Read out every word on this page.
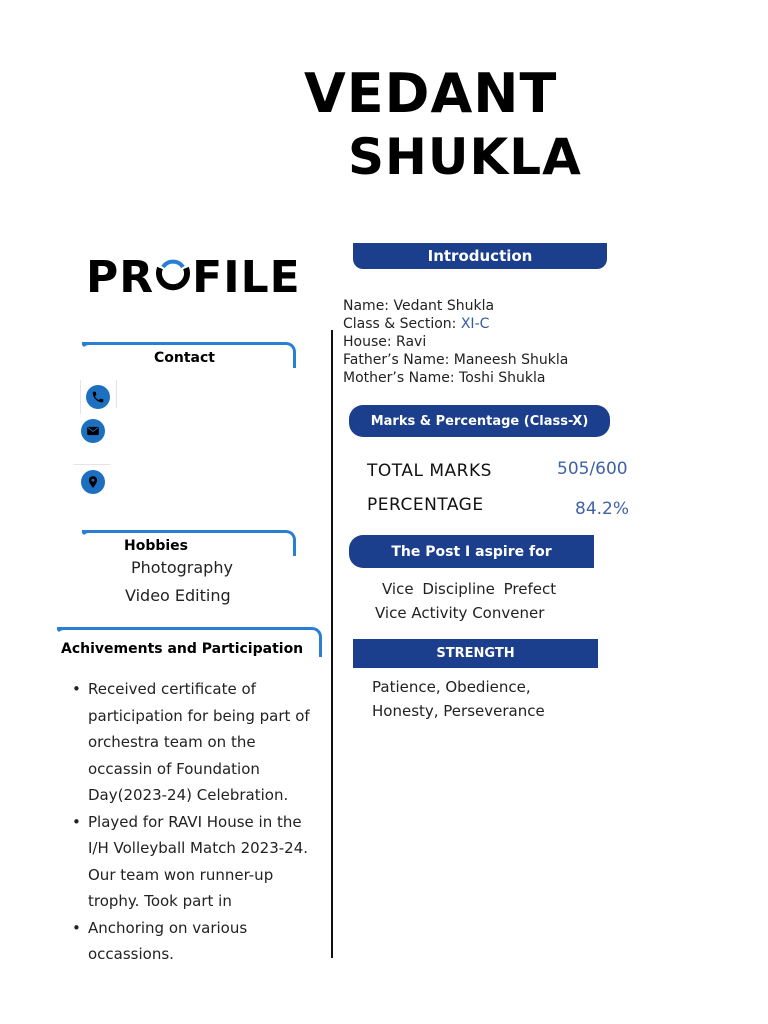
VEDANT
SHUKLA
PR FILE
Contact
Hobbies
Photography
Video Editing
Achivements and Participation
• Received certificate of participation for being part of orchestra team on the occassin of Foundation Day(2023-24) Celebration.
• Played for RAVI House in the I/H Volleyball Match 2023-24. Our team won runner-up trophy. Took part in
• Anchoring on various occassions.
Introduction
Name: Vedant Shukla
Class & Section: XI-C
House: Ravi
Father’s Name: Maneesh Shukla
Mother’s Name: Toshi Shukla
Marks & Percentage (Class-X)
TOTAL MARKS	505/600
PERCENTAGE	84.2%
The Post I aspire for
Vice Discipline Prefect
Vice Activity Convener
STRENGTH
Patience, Obedience,
Honesty, Perseverance
